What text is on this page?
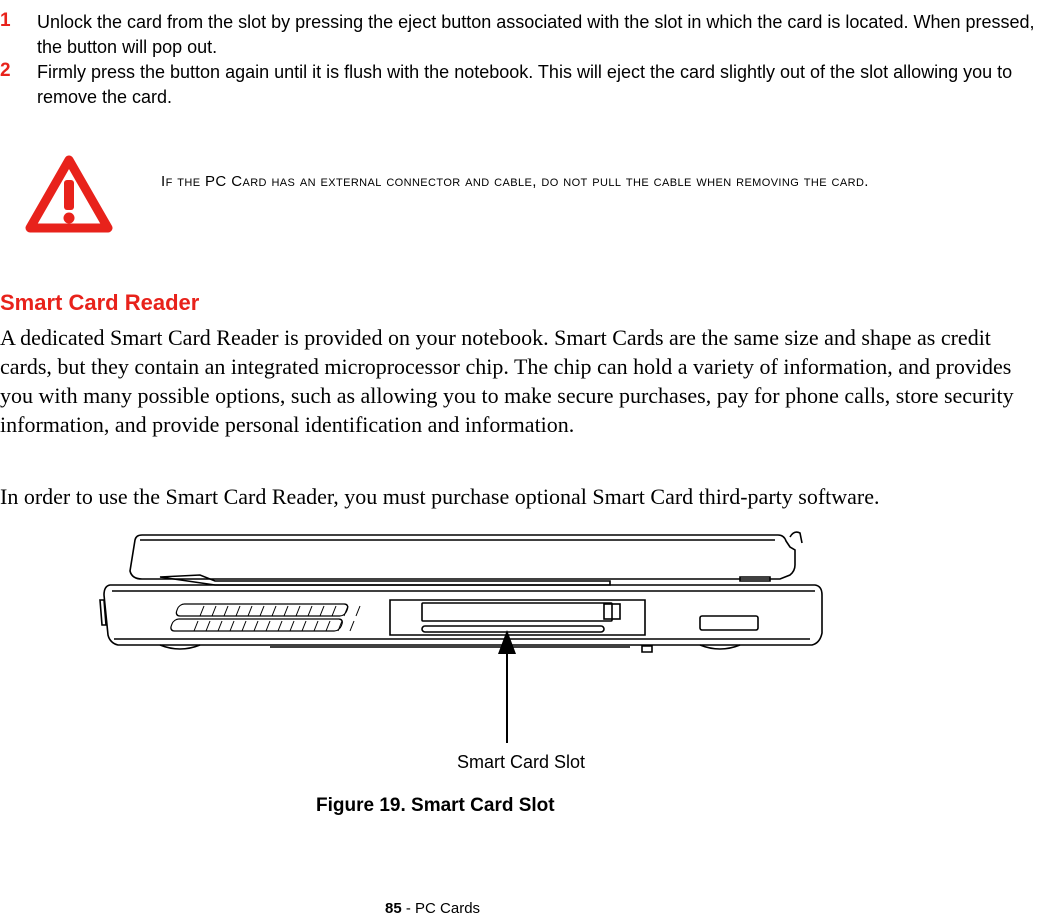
1 Unlock the card from the slot by pressing the eject button associated with the slot in which the card is located. When pressed, the button will pop out.
2 Firmly press the button again until it is flush with the notebook. This will eject the card slightly out of the slot allowing you to remove the card.
If the PC Card has an external connector and cable, do not pull the cable when removing the card.
Smart Card Reader
A dedicated Smart Card Reader is provided on your notebook. Smart Cards are the same size and shape as credit cards, but they contain an integrated microprocessor chip. The chip can hold a variety of information, and provides you with many possible options, such as allowing you to make secure purchases, pay for phone calls, store security information, and provide personal identification and information.
In order to use the Smart Card Reader, you must purchase optional Smart Card third-party software.
Smart Card Slot
Figure 19. Smart Card Slot
85 - PC Cards
